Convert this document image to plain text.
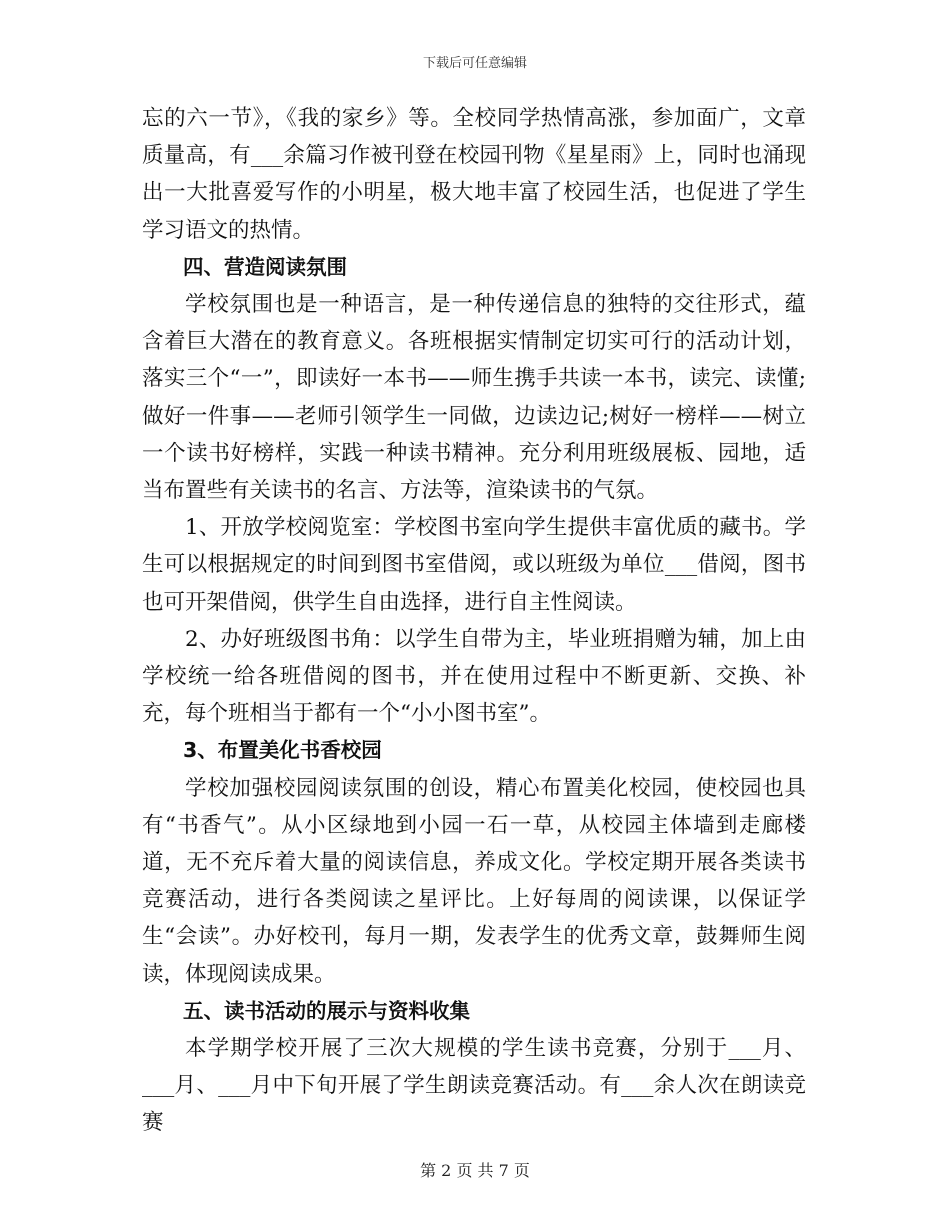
下载后可任意编辑

忘的六一节》，《我的家乡》等。全校同学热情高涨，参加面广，文章质量高，有___余篇习作被刊登在校园刊物《星星雨》上，同时也涌现出一大批喜爱写作的小明星，极大地丰富了校园生活，也促进了学生学习语文的热情。

四、营造阅读氛围

学校氛围也是一种语言，是一种传递信息的独特的交往形式，蕴含着巨大潜在的教育意义。各班根据实情制定切实可行的活动计划，落实三个“一”，即读好一本书——师生携手共读一本书，读完、读懂;做好一件事——老师引领学生一同做，边读边记;树好一榜样——树立一个读书好榜样，实践一种读书精神。充分利用班级展板、园地，适当布置些有关读书的名言、方法等，渲染读书的气氛。

1、开放学校阅览室：学校图书室向学生提供丰富优质的藏书。学生可以根据规定的时间到图书室借阅，或以班级为单位___借阅，图书也可开架借阅，供学生自由选择，进行自主性阅读。

2、办好班级图书角：以学生自带为主，毕业班捐赠为辅，加上由学校统一给各班借阅的图书，并在使用过程中不断更新、交换、补充，每个班相当于都有一个“小小图书室”。

3、布置美化书香校园

学校加强校园阅读氛围的创设，精心布置美化校园，使校园也具有“书香气”。从小区绿地到小园一石一草，从校园主体墙到走廊楼道，无不充斥着大量的阅读信息，养成文化。学校定期开展各类读书竞赛活动，进行各类阅读之星评比。上好每周的阅读课，以保证学生“会读”。办好校刊，每月一期，发表学生的优秀文章，鼓舞师生阅读，体现阅读成果。

五、读书活动的展示与资料收集

本学期学校开展了三次大规模的学生读书竞赛，分别于___月、___月、___月中下旬开展了学生朗读竞赛活动。有___余人次在朗读竞赛

第 2 页 共 7 页
